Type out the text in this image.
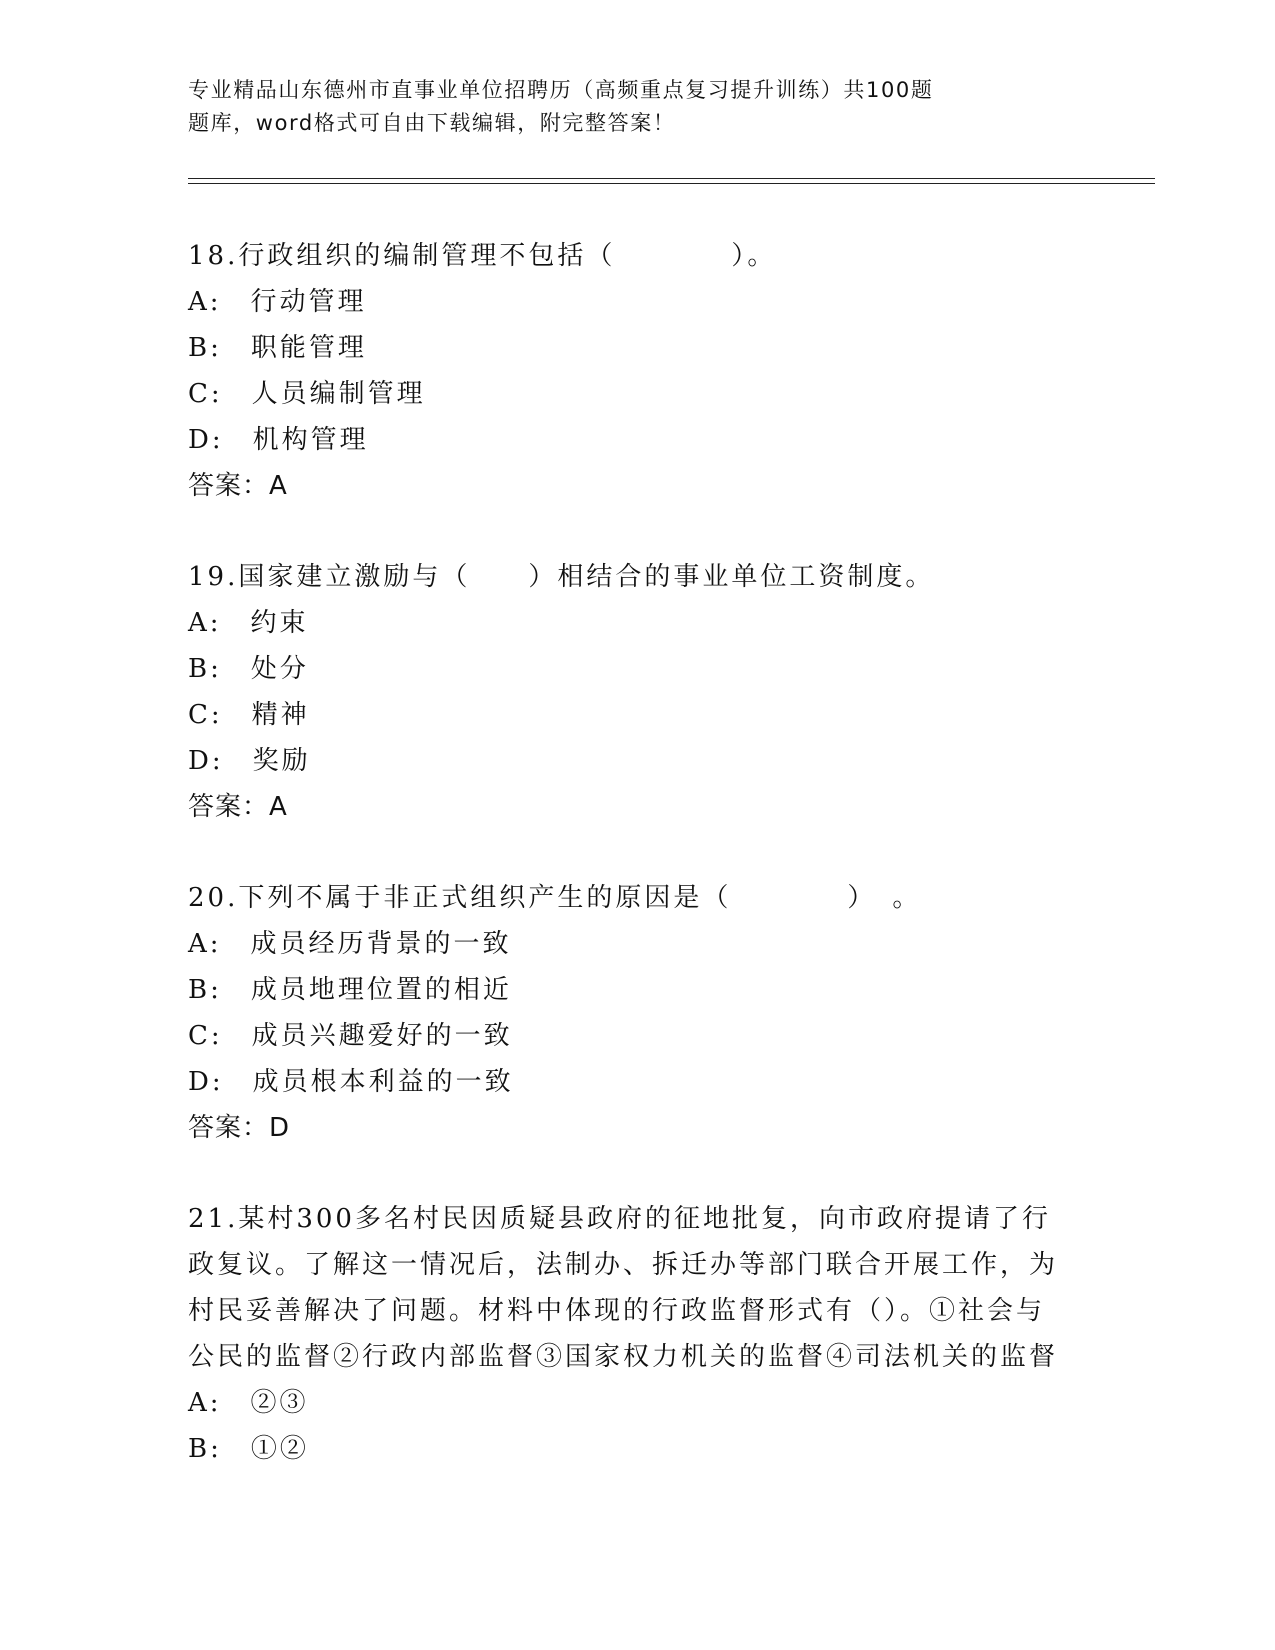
专业精品山东德州市直事业单位招聘历（高频重点复习提升训练）共100题
题库，word格式可自由下载编辑，附完整答案！
18.行政组织的编制管理不包括（　　　　）。
A:　行动管理
B:　职能管理
C:　人员编制管理
D:　机构管理
答案：A
19.国家建立激励与（　　）相结合的事业单位工资制度。
A:　约束
B:　处分
C:　精神
D:　奖励
答案：A
20.下列不属于非正式组织产生的原因是（　　　　）　。
A:　成员经历背景的一致
B:　成员地理位置的相近
C:　成员兴趣爱好的一致
D:　成员根本利益的一致
答案：D
21.某村300多名村民因质疑县政府的征地批复，向市政府提请了行政复议。了解这一情况后，法制办、拆迁办等部门联合开展工作，为村民妥善解决了问题。材料中体现的行政监督形式有（）。①社会与公民的监督②行政内部监督③国家权力机关的监督④司法机关的监督
A:　②③
B:　①②
